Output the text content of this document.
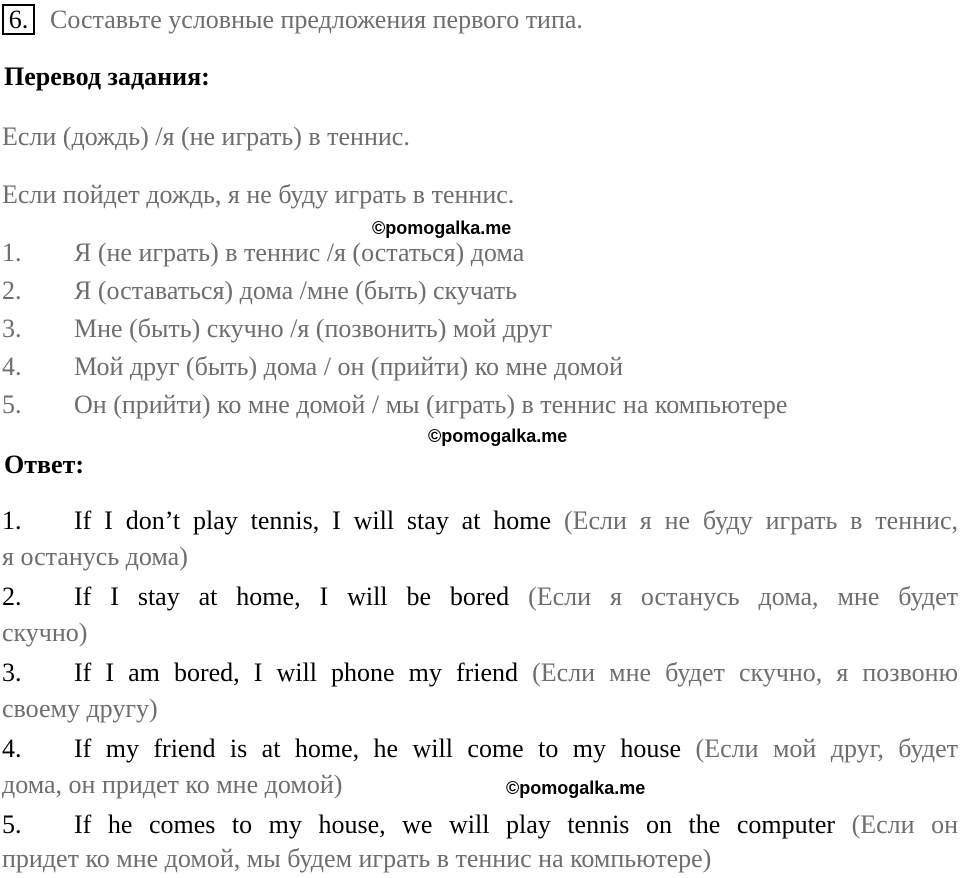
6. Составьте условные предложения первого типа.
Перевод задания:
Если (дождь) /я (не играть) в теннис.
Если пойдет дождь, я не буду играть в теннис.
©pomogalka.me
1. Я (не играть) в теннис /я (остаться) дома
2. Я (оставаться) дома /мне (быть) скучать
3. Мне (быть) скучно /я (позвонить) мой друг
4. Мой друг (быть) дома / он (прийти) ко мне домой
5. Он (прийти) ко мне домой / мы (играть) в теннис на компьютере
©pomogalka.me
Ответ:
1. If I don’t play tennis, I will stay at home (Если я не буду играть в теннис,
я останусь дома)
2. If I stay at home, I will be bored (Если я останусь дома, мне будет
скучно)
3. If I am bored, I will phone my friend (Если мне будет скучно, я позвоню
своему другу)
4. If my friend is at home, he will come to my house (Если мой друг, будет
дома, он придет ко мне домой)	©pomogalka.me
5. If he comes to my house, we will play tennis on the computer (Если он
придет ко мне домой, мы будем играть в теннис на компьютере)
